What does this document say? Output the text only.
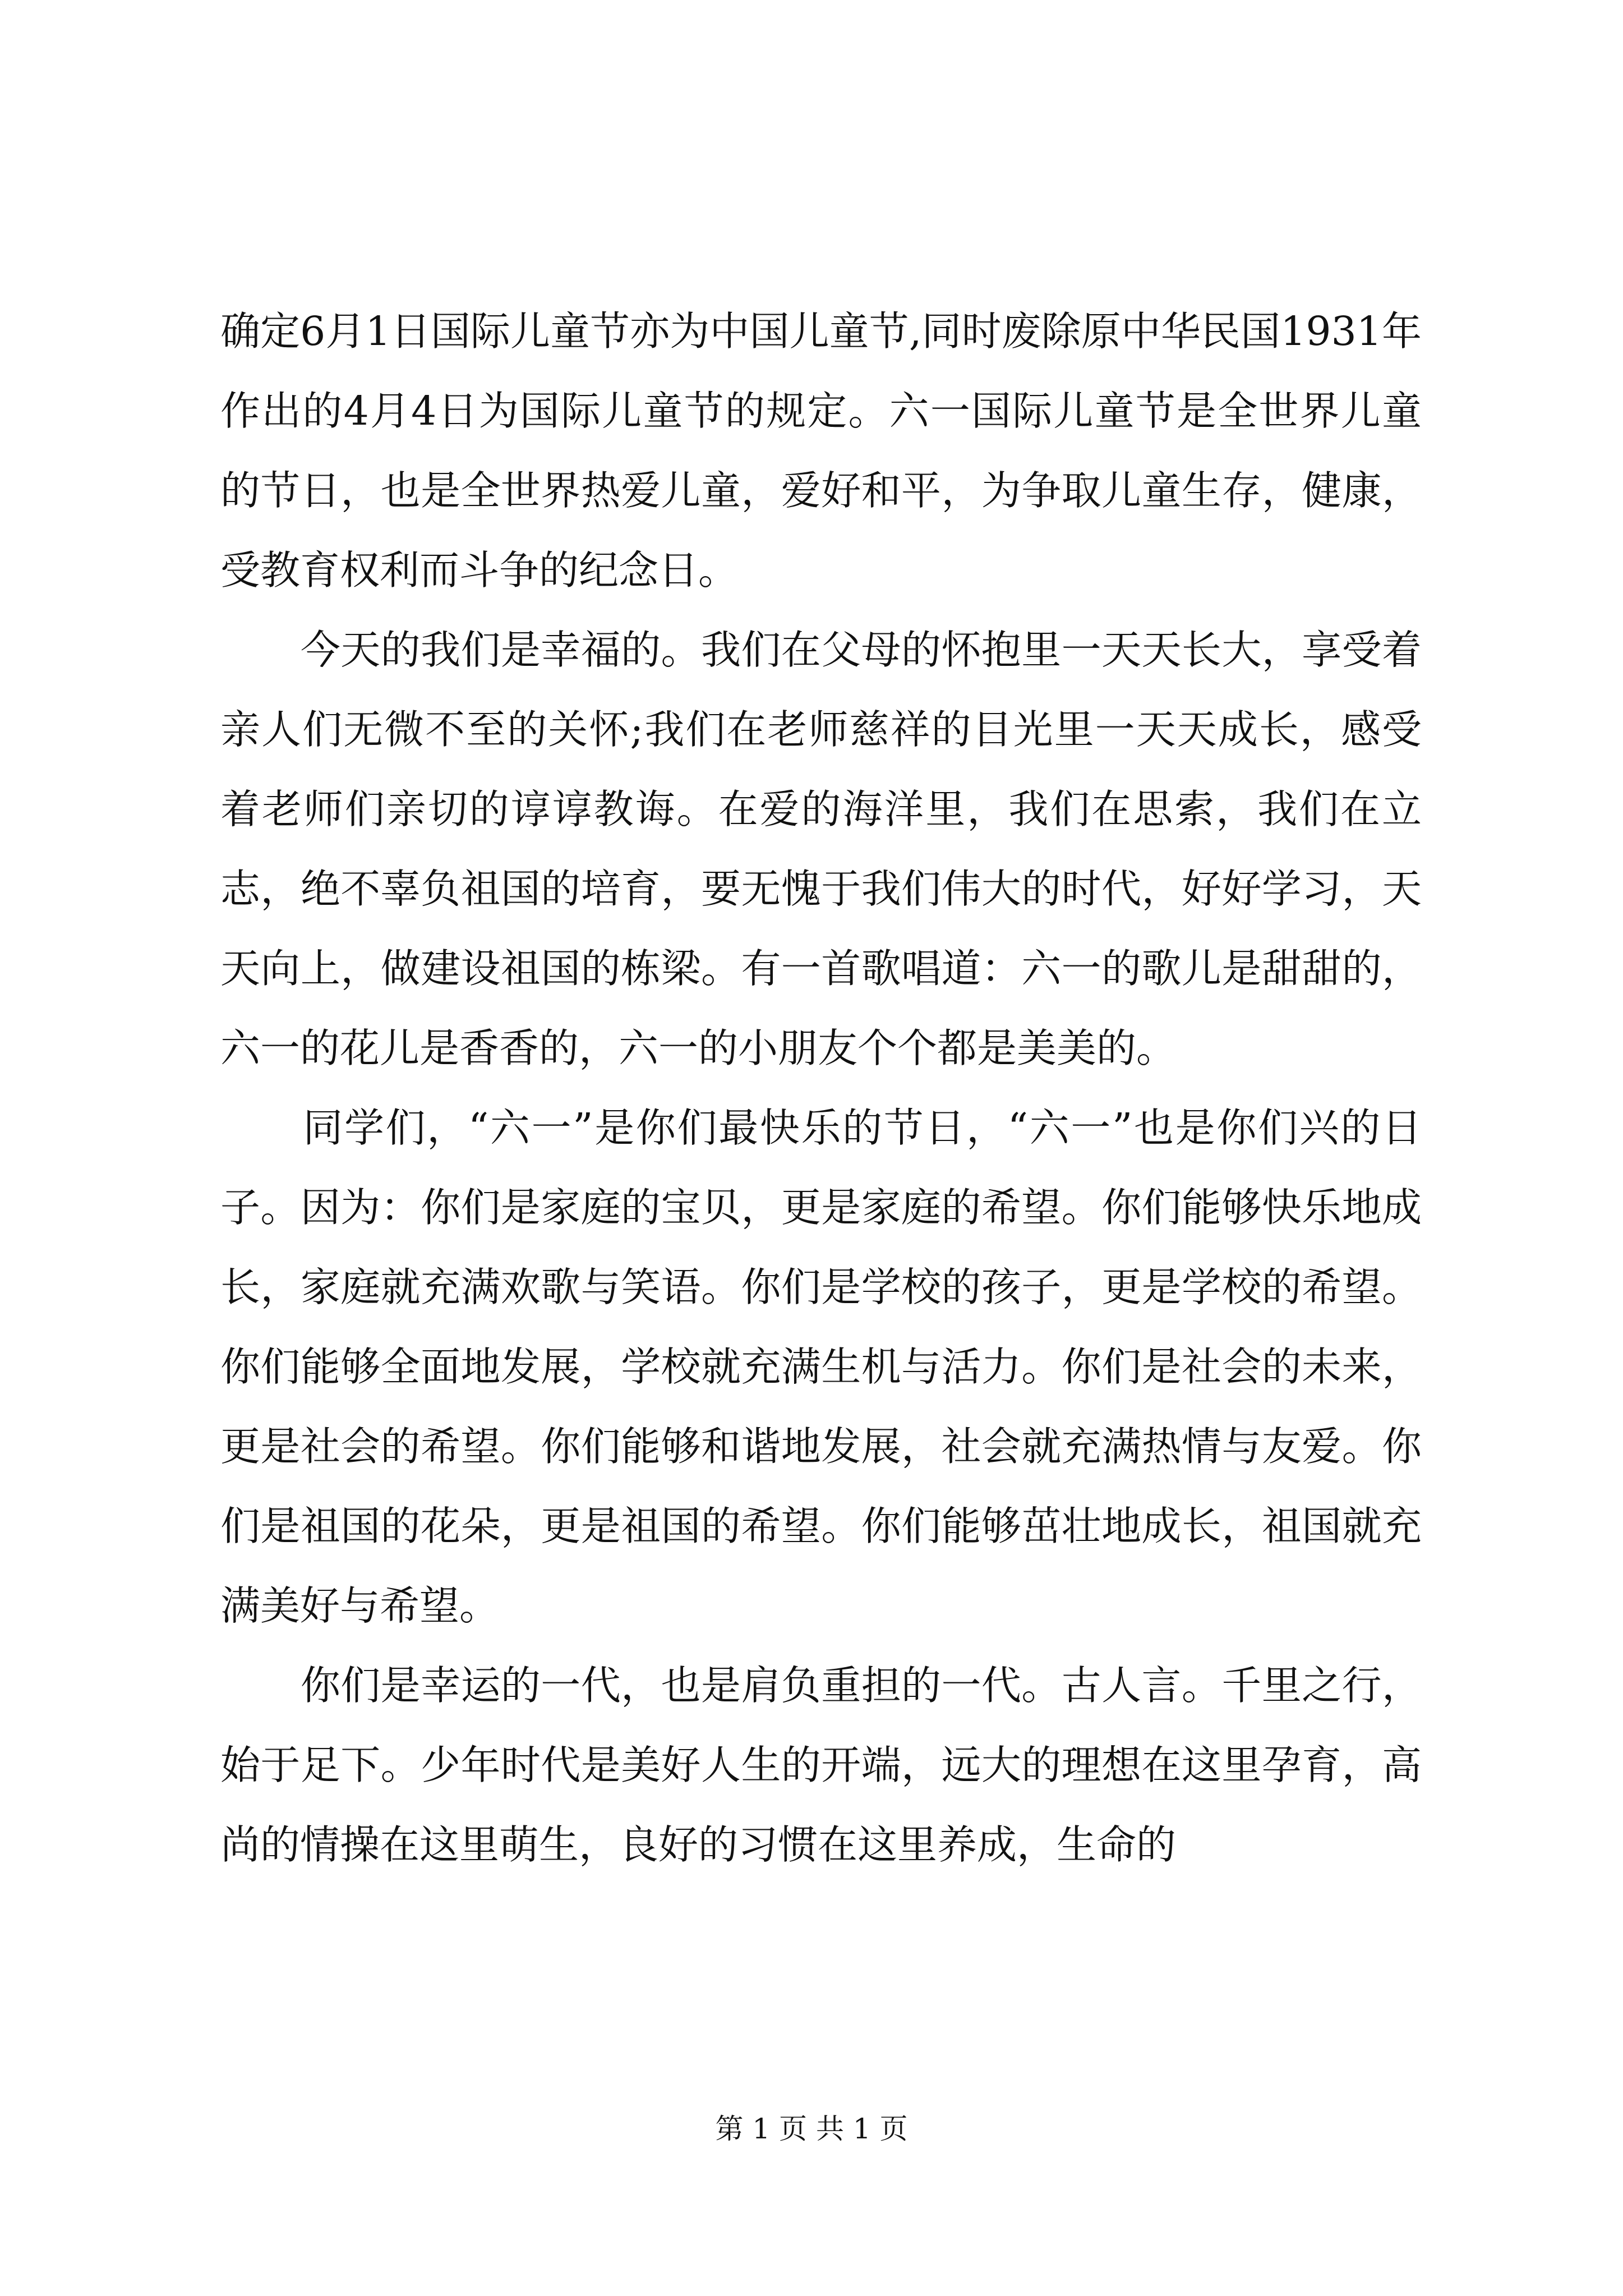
确定6月1日国际儿童节亦为中国儿童节,同时废除原中华民国1931年作出的4月4日为国际儿童节的规定。六一国际儿童节是全世界儿童的节日，也是全世界热爱儿童，爱好和平，为争取儿童生存，健康，受教育权利而斗争的纪念日。

　　今天的我们是幸福的。我们在父母的怀抱里一天天长大，享受着亲人们无微不至的关怀;我们在老师慈祥的目光里一天天成长，感受着老师们亲切的谆谆教诲。在爱的海洋里，我们在思索，我们在立志，绝不辜负祖国的培育，要无愧于我们伟大的时代，好好学习，天天向上，做建设祖国的栋梁。有一首歌唱道：六一的歌儿是甜甜的，六一的花儿是香香的，六一的小朋友个个都是美美的。

　　同学们，“六一”是你们最快乐的节日，“六一”也是你们兴的日子。因为：你们是家庭的宝贝，更是家庭的希望。你们能够快乐地成长，家庭就充满欢歌与笑语。你们是学校的孩子，更是学校的希望。你们能够全面地发展，学校就充满生机与活力。你们是社会的未来，更是社会的希望。你们能够和谐地发展，社会就充满热情与友爱。你们是祖国的花朵，更是祖国的希望。你们能够茁壮地成长，祖国就充满美好与希望。

　　你们是幸运的一代，也是肩负重担的一代。古人言。千里之行，始于足下。少年时代是美好人生的开端，远大的理想在这里孕育，高尚的情操在这里萌生，良好的习惯在这里养成，生命的

第 1 页 共 1 页
